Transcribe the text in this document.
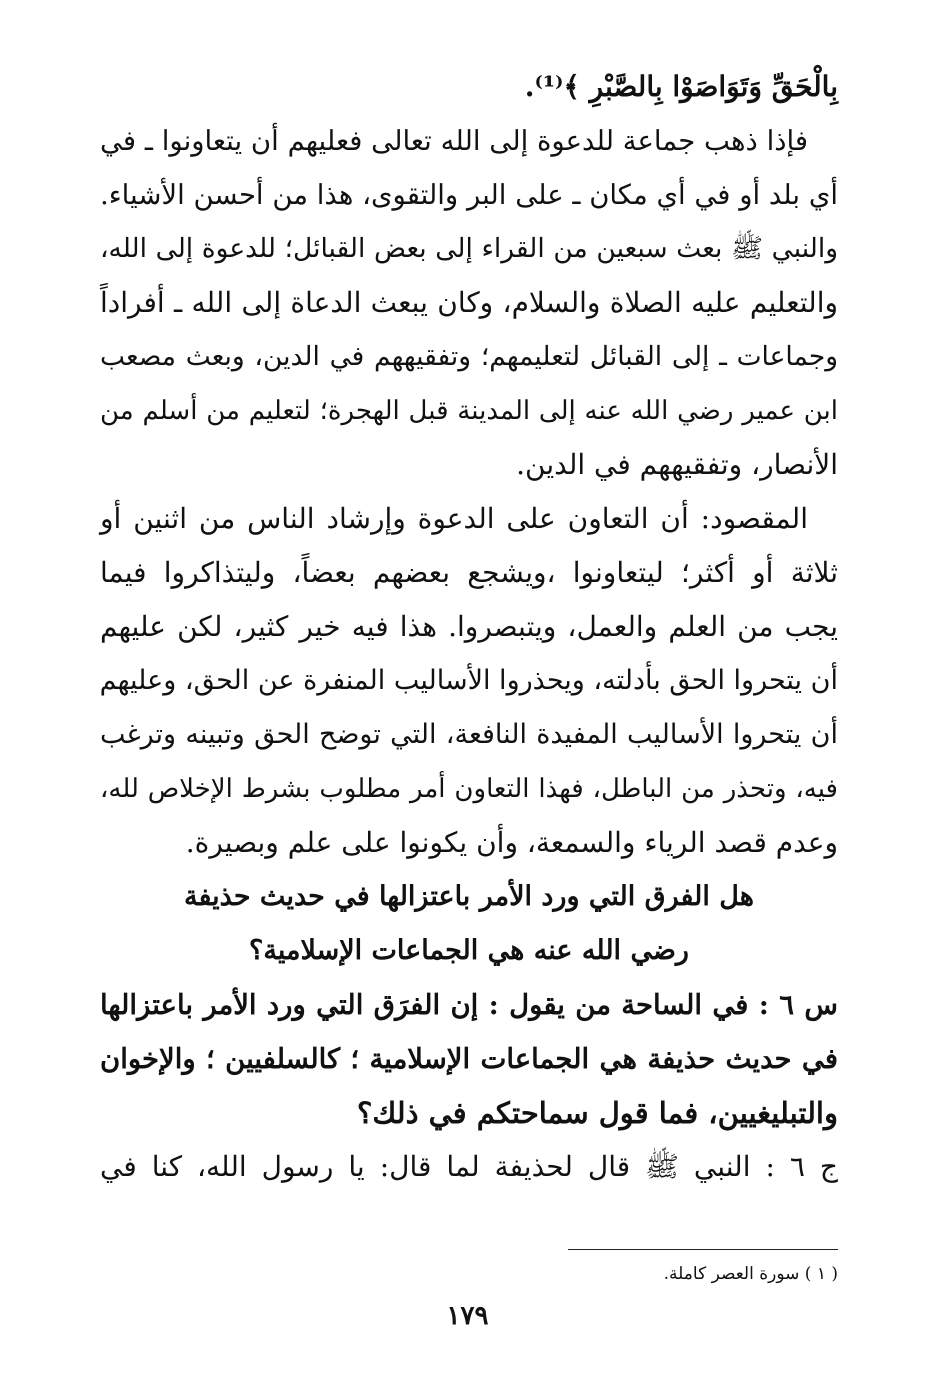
بِالْحَقِّ وَتَوَاصَوْا بِالصَّبْرِ ﴾⁽¹⁾.
فإذا ذهب جماعة للدعوة إلى الله تعالى فعليهم أن يتعاونوا ـ في
أي بلد أو في أي مكان ـ على البر والتقوى، هذا من أحسن الأشياء.
والنبي ﷺ بعث سبعين من القراء إلى بعض القبائل؛ للدعوة إلى الله،
والتعليم عليه الصلاة والسلام، وكان يبعث الدعاة إلى الله ـ أفراداً
وجماعات ـ إلى القبائل لتعليمهم؛ وتفقيههم في الدين، وبعث مصعب
ابن عمير رضي الله عنه إلى المدينة قبل الهجرة؛ لتعليم من أسلم من
الأنصار، وتفقيههم في الدين.
المقصود: أن التعاون على الدعوة وإرشاد الناس من اثنين أو
ثلاثة أو أكثر؛ ليتعاونوا ،ويشجع بعضهم بعضاً، وليتذاكروا فيما
يجب من العلم والعمل، ويتبصروا. هذا فيه خير كثير، لكن عليهم
أن يتحروا الحق بأدلته، ويحذروا الأساليب المنفرة عن الحق، وعليهم
أن يتحروا الأساليب المفيدة النافعة، التي توضح الحق وتبينه وترغب
فيه، وتحذر من الباطل، فهذا التعاون أمر مطلوب بشرط الإخلاص لله،
وعدم قصد الرياء والسمعة، وأن يكونوا على علم وبصيرة.
هل الفرق التي ورد الأمر باعتزالها في حديث حذيفة
رضي الله عنه هي الجماعات الإسلامية؟
س ٦ : في الساحة من يقول : إن الفرَق التي ورد الأمر باعتزالها
في حديث حذيفة هي الجماعات الإسلامية ؛ كالسلفيين ؛ والإخوان
والتبليغيين، فما قول سماحتكم في ذلك؟
ج ٦ : النبي ﷺ قال لحذيفة لما قال: يا رسول الله، كنا في
( ١ ) سورة العصر كاملة.
١٧٩
